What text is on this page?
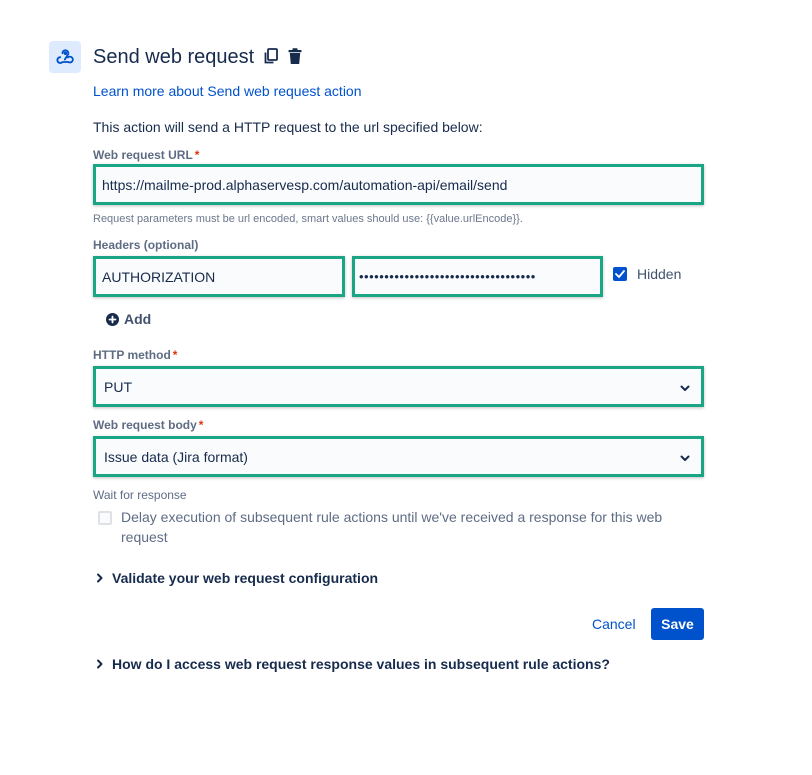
Send web request
Learn more about Send web request action
This action will send a HTTP request to the url specified below:
Web request URL *
https://mailme-prod.alphaservesp.com/automation-api/email/send
Request parameters must be url encoded, smart values should use: {{value.urlEncode}}.
Headers (optional)
AUTHORIZATION	•••••••••••••••••••••••••••••••••••	Hidden
Add
HTTP method *
PUT
Web request body *
Issue data (Jira format)
Wait for response
Delay execution of subsequent rule actions until we've received a response for this web request
Validate your web request configuration
Cancel	Save
How do I access web request response values in subsequent rule actions?
